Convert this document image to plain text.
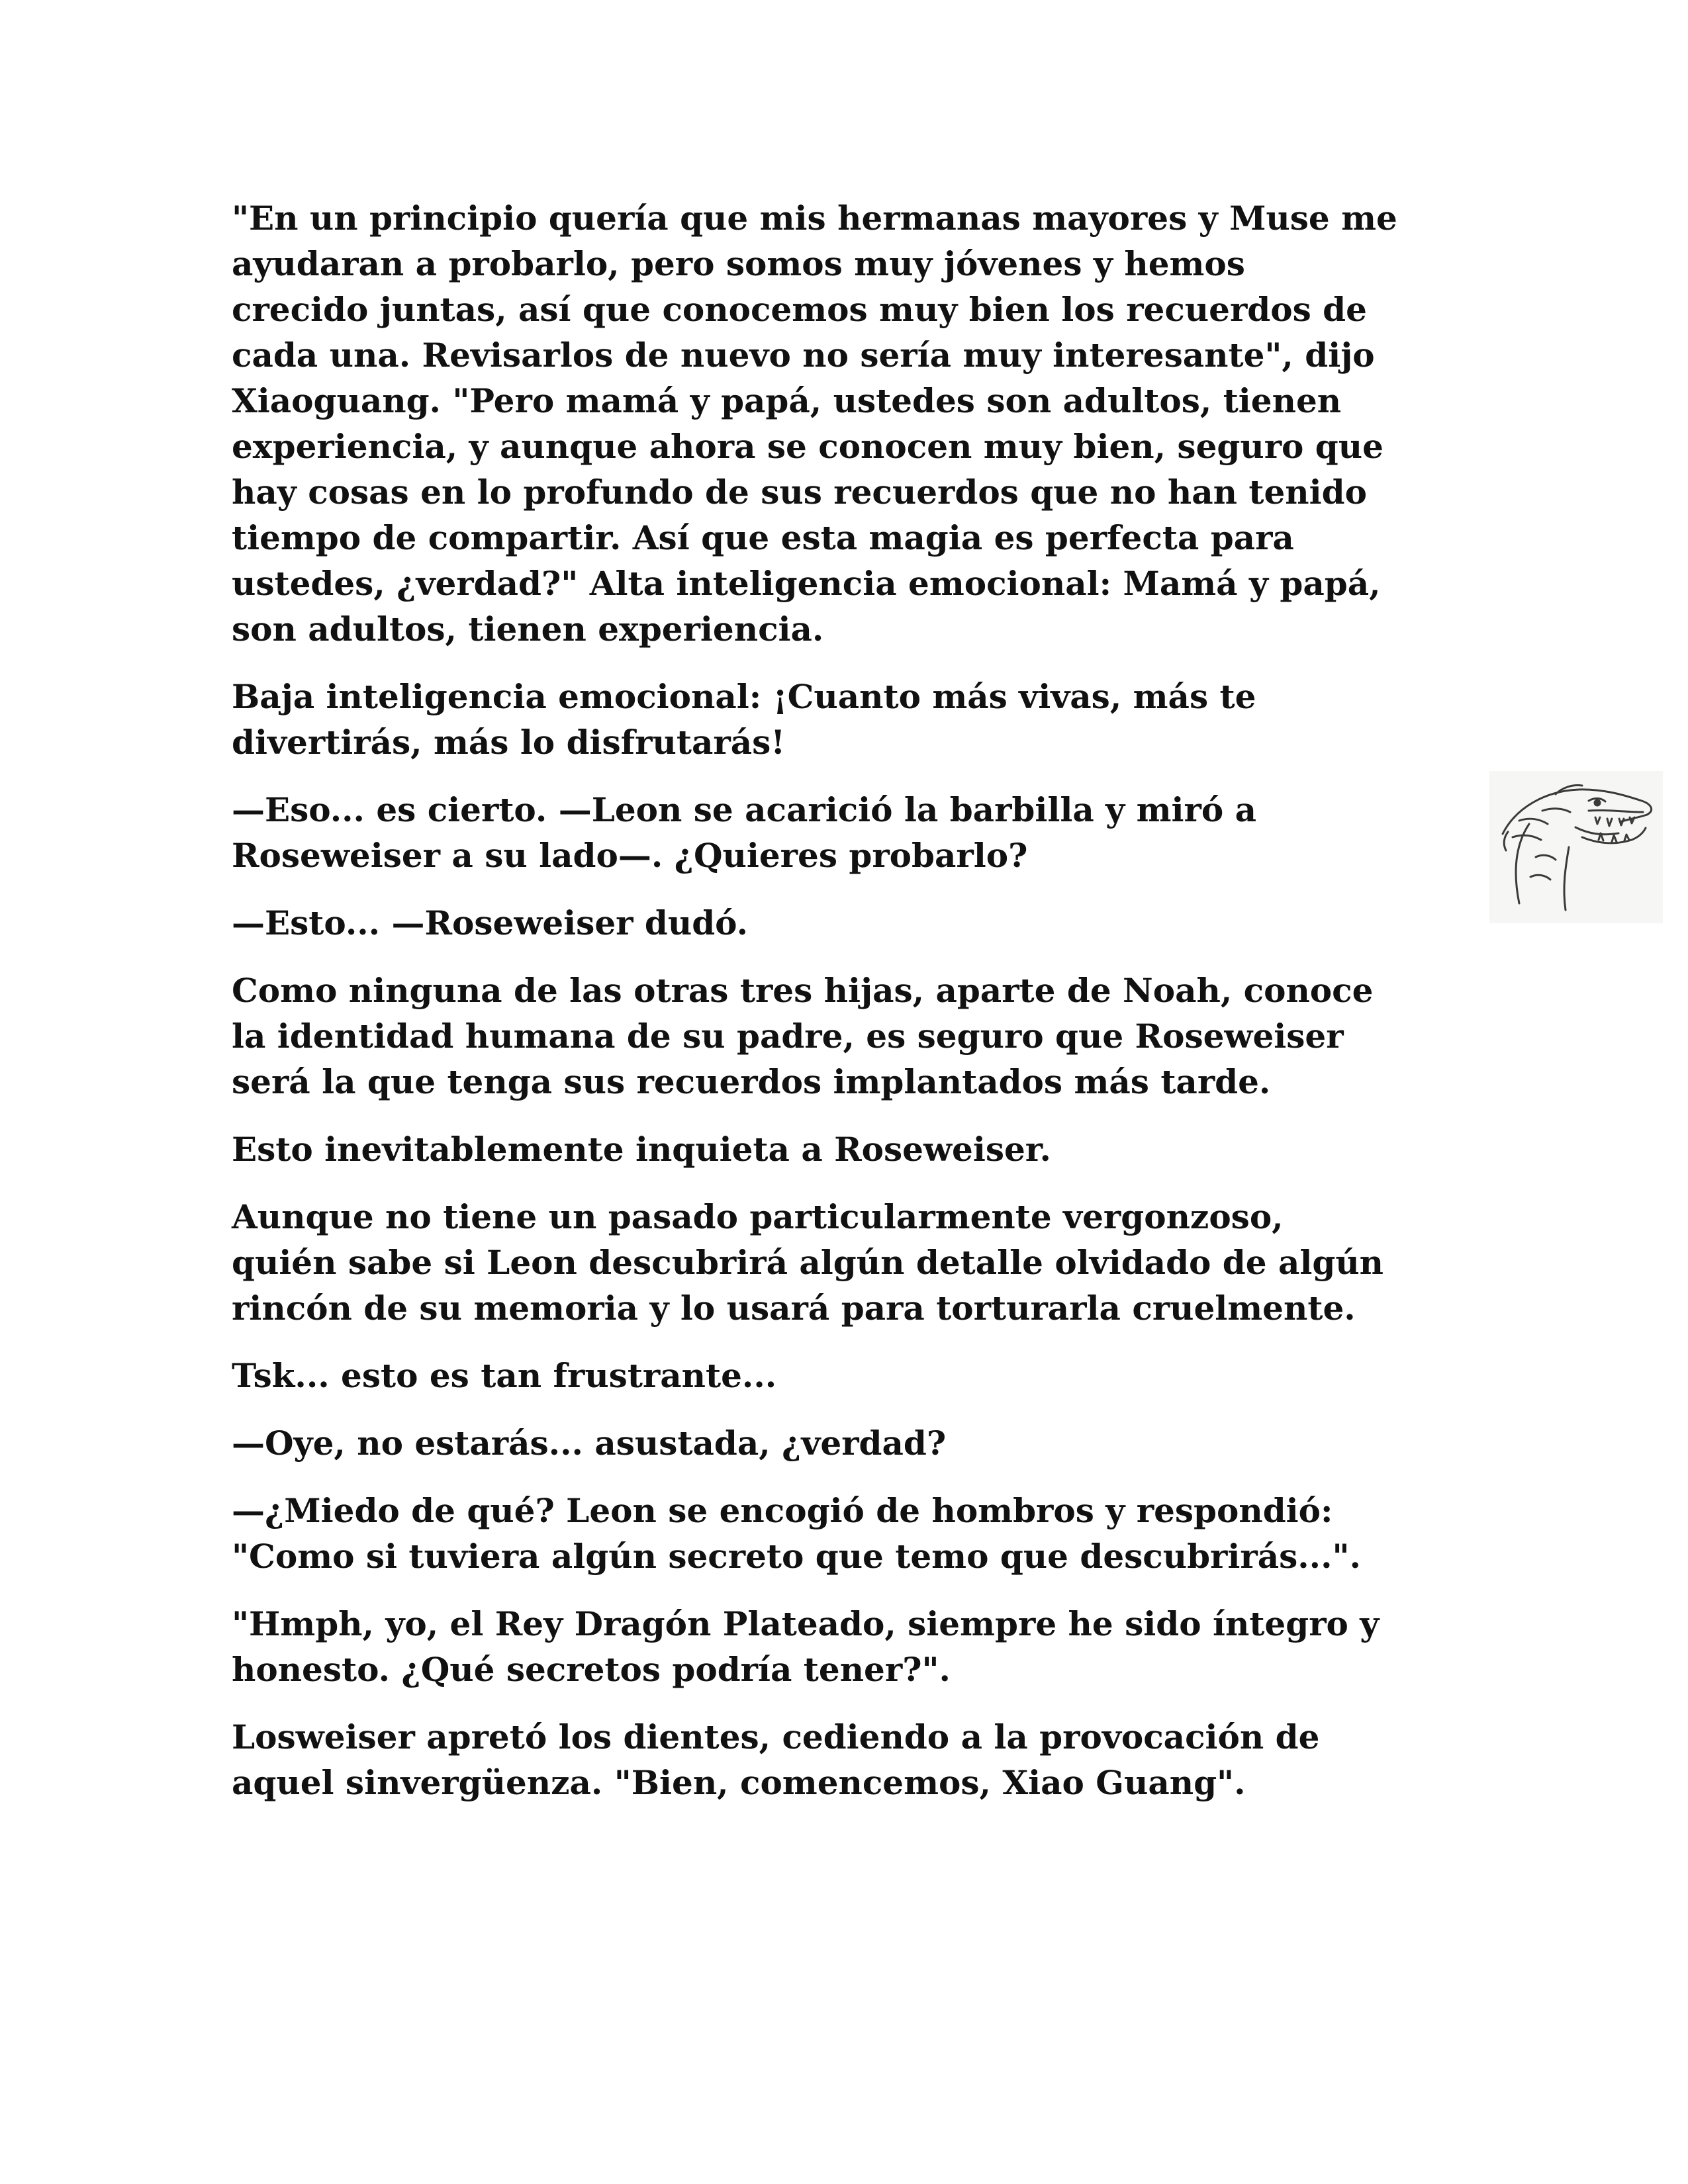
"En un principio quería que mis hermanas mayores y Muse me
ayudaran a probarlo, pero somos muy jóvenes y hemos
crecido juntas, así que conocemos muy bien los recuerdos de
cada una. Revisarlos de nuevo no sería muy interesante", dijo
Xiaoguang. "Pero mamá y papá, ustedes son adultos, tienen
experiencia, y aunque ahora se conocen muy bien, seguro que
hay cosas en lo profundo de sus recuerdos que no han tenido
tiempo de compartir. Así que esta magia es perfecta para
ustedes, ¿verdad?" Alta inteligencia emocional: Mamá y papá,
son adultos, tienen experiencia.

Baja inteligencia emocional: ¡Cuanto más vivas, más te
divertirás, más lo disfrutarás!

—Eso... es cierto. —Leon se acarició la barbilla y miró a
Roseweiser a su lado—. ¿Quieres probarlo?

—Esto... —Roseweiser dudó.

Como ninguna de las otras tres hijas, aparte de Noah, conoce
la identidad humana de su padre, es seguro que Roseweiser
será la que tenga sus recuerdos implantados más tarde.

Esto inevitablemente inquieta a Roseweiser.

Aunque no tiene un pasado particularmente vergonzoso,
quién sabe si Leon descubrirá algún detalle olvidado de algún
rincón de su memoria y lo usará para torturarla cruelmente.

Tsk... esto es tan frustrante...

—Oye, no estarás... asustada, ¿verdad?

—¿Miedo de qué? Leon se encogió de hombros y respondió:
"Como si tuviera algún secreto que temo que descubrirás...".

"Hmph, yo, el Rey Dragón Plateado, siempre he sido íntegro y
honesto. ¿Qué secretos podría tener?".

Losweiser apretó los dientes, cediendo a la provocación de
aquel sinvergüenza. "Bien, comencemos, Xiao Guang".
